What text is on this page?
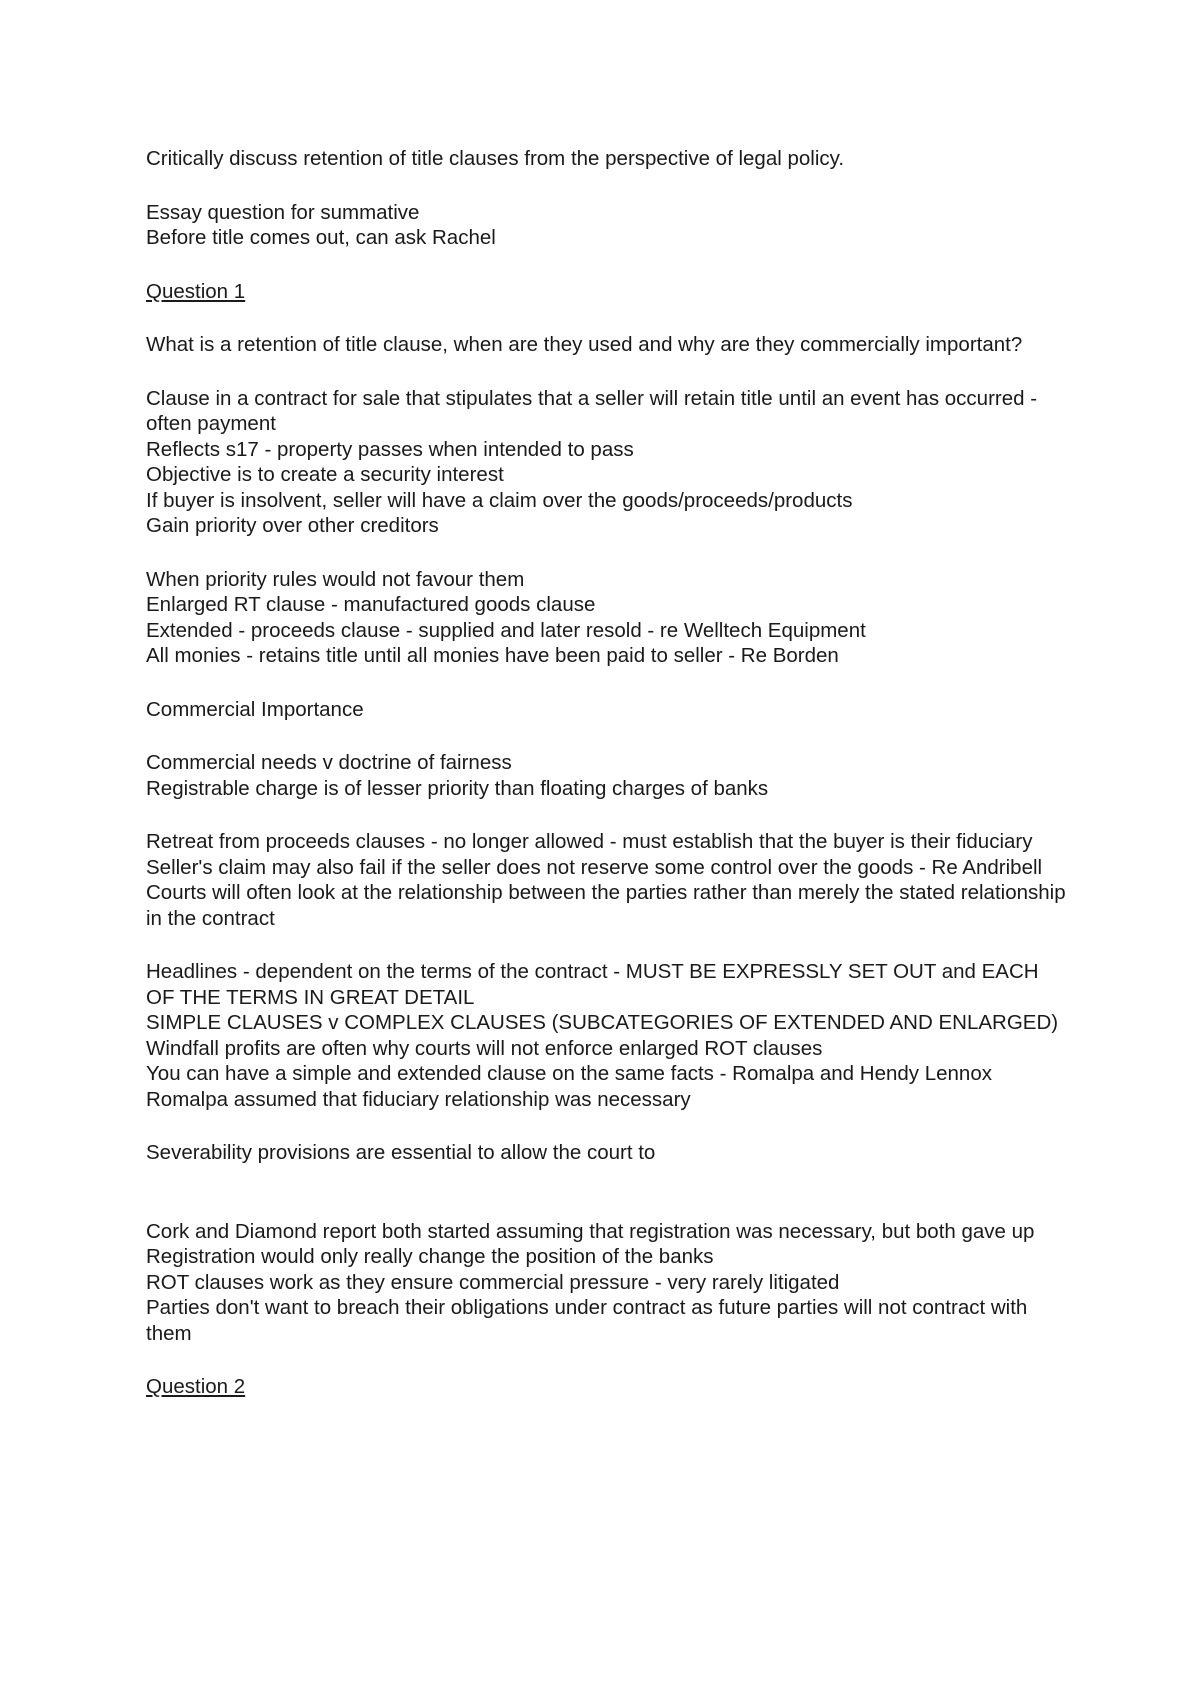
Critically discuss retention of title clauses from the perspective of legal policy.

Essay question for summative

Before title comes out, can ask Rachel

Question 1

What is a retention of title clause, when are they used and why are they commercially important?

Clause in a contract for sale that stipulates that a seller will retain title until an event has occurred - often payment

Reflects s17 - property passes when intended to pass

Objective is to create a security interest

If buyer is insolvent, seller will have a claim over the goods/proceeds/products

Gain priority over other creditors

When priority rules would not favour them

Enlarged RT clause - manufactured goods clause

Extended - proceeds clause - supplied and later resold - re Welltech Equipment

All monies - retains title until all monies have been paid to seller - Re Borden

Commercial Importance

Commercial needs v doctrine of fairness

Registrable charge is of lesser priority than floating charges of banks

Retreat from proceeds clauses - no longer allowed - must establish that the buyer is their fiduciary

Seller's claim may also fail if the seller does not reserve some control over the goods - Re Andribell

Courts will often look at the relationship between the parties rather than merely the stated relationship in the contract

Headlines - dependent on the terms of the contract - MUST BE EXPRESSLY SET OUT and EACH OF THE TERMS IN GREAT DETAIL

SIMPLE CLAUSES v COMPLEX CLAUSES (SUBCATEGORIES OF EXTENDED AND ENLARGED)

Windfall profits are often why courts will not enforce enlarged ROT clauses

You can have a simple and extended clause on the same facts - Romalpa and Hendy Lennox

Romalpa assumed that fiduciary relationship was necessary

Severability provisions are essential to allow the court to

Cork and Diamond report both started assuming that registration was necessary, but both gave up

Registration would only really change the position of the banks

ROT clauses work as they ensure commercial pressure - very rarely litigated

Parties don't want to breach their obligations under contract as future parties will not contract with them

Question 2
